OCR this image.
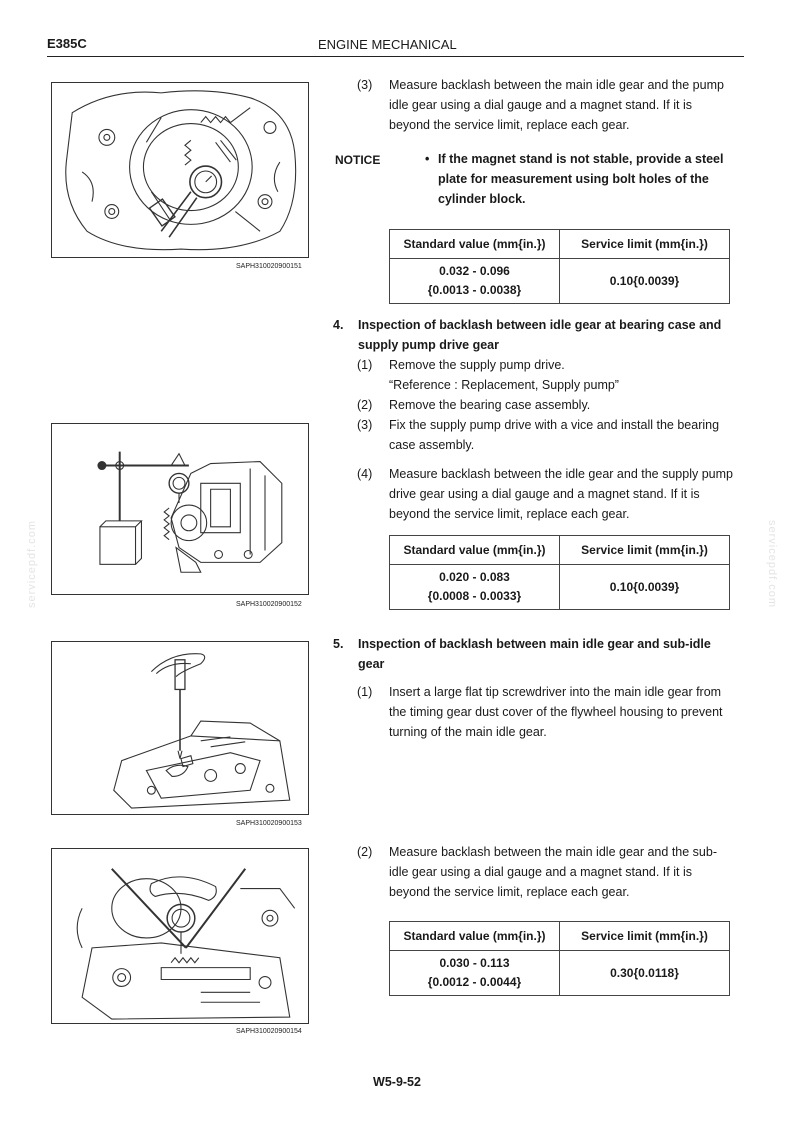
E385C	ENGINE MECHANICAL
servicepdf.com	servicepdf.com
SAPH310020900151
(3)	Measure backlash between the main idle gear and the pump idle gear using a dial gauge and a magnet stand. If it is beyond the service limit, replace each gear.
NOTICE	• If the magnet stand is not stable, provide a steel plate for measurement using bolt holes of the cylinder block.
Standard value (mm{in.})	Service limit (mm{in.})

0.032 - 0.096
{0.0013 - 0.0038}	0.10{0.0039}
4. Inspection of backlash between idle gear at bearing case and supply pump drive gear
(1)	Remove the supply pump drive.
“Reference : Replacement, Supply pump”
(2)	Remove the bearing case assembly.
(3)	Fix the supply pump drive with a vice and install the bearing case assembly.
(4)	Measure backlash between the idle gear and the supply pump drive gear using a dial gauge and a magnet stand. If it is beyond the service limit, replace each gear.
SAPH310020900152
Standard value (mm{in.})	Service limit (mm{in.})

0.020 - 0.083
{0.0008 - 0.0033}	0.10{0.0039}
5. Inspection of backlash between main idle gear and sub-idle gear
(1)	Insert a large flat tip screwdriver into the main idle gear from the timing gear dust cover of the flywheel housing to prevent turning of the main idle gear.
SAPH310020900153
(2)	Measure backlash between the main idle gear and the sub-idle gear using a dial gauge and a magnet stand. If it is beyond the service limit, replace each gear.
SAPH310020900154
Standard value (mm{in.})	Service limit (mm{in.})

0.030 - 0.113
{0.0012 - 0.0044}	0.30{0.0118}
W5-9-52
